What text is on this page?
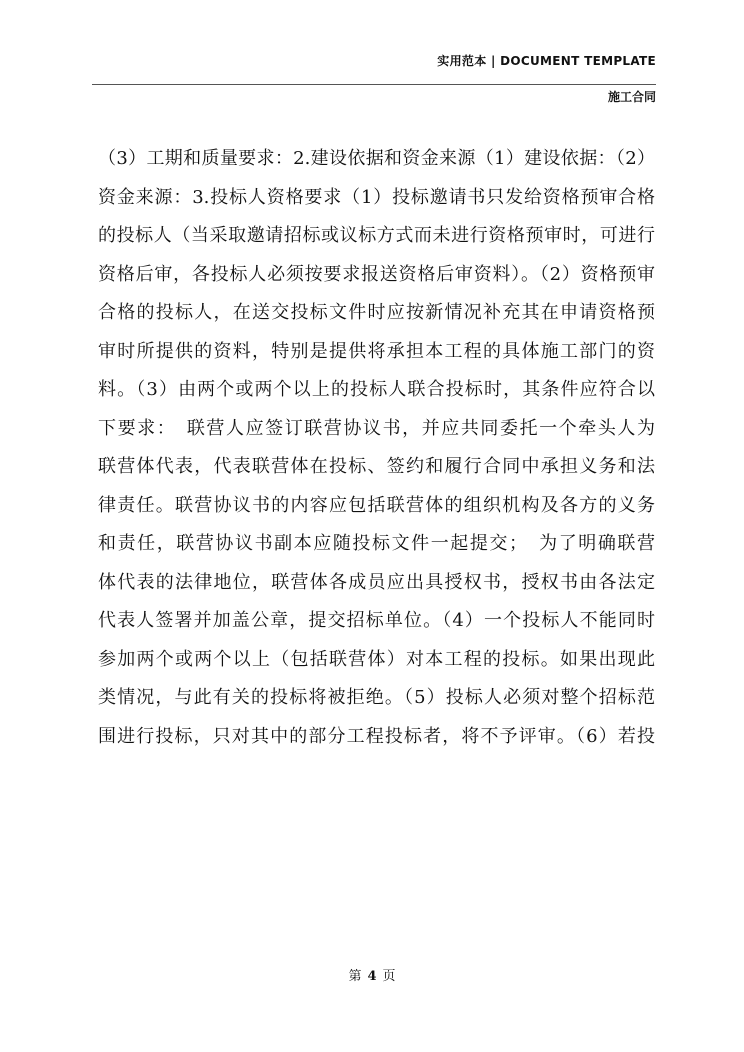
实用范本 | DOCUMENT TEMPLATE
施工合同
（3）工期和质量要求：2.建设依据和资金来源（1）建设依据：（2）
资金来源：3.投标人资格要求（1）投标邀请书只发给资格预审合格
的投标人（当采取邀请招标或议标方式而未进行资格预审时，可进行
资格后审，各投标人必须按要求报送资格后审资料）。（2）资格预审
合格的投标人，在送交投标文件时应按新情况补充其在申请资格预
审时所提供的资料，特别是提供将承担本工程的具体施工部门的资
料。（3）由两个或两个以上的投标人联合投标时，其条件应符合以
下要求：　联营人应签订联营协议书，并应共同委托一个牵头人为
联营体代表，代表联营体在投标、签约和履行合同中承担义务和法
律责任。联营协议书的内容应包括联营体的组织机构及各方的义务
和责任，联营协议书副本应随投标文件一起提交；　为了明确联营
体代表的法律地位，联营体各成员应出具授权书，授权书由各法定
代表人签署并加盖公章，提交招标单位。（4）一个投标人不能同时
参加两个或两个以上（包括联营体）对本工程的投标。如果出现此
类情况，与此有关的投标将被拒绝。（5）投标人必须对整个招标范
围进行投标，只对其中的部分工程投标者，将不予评审。（6）若投
第 4 页
